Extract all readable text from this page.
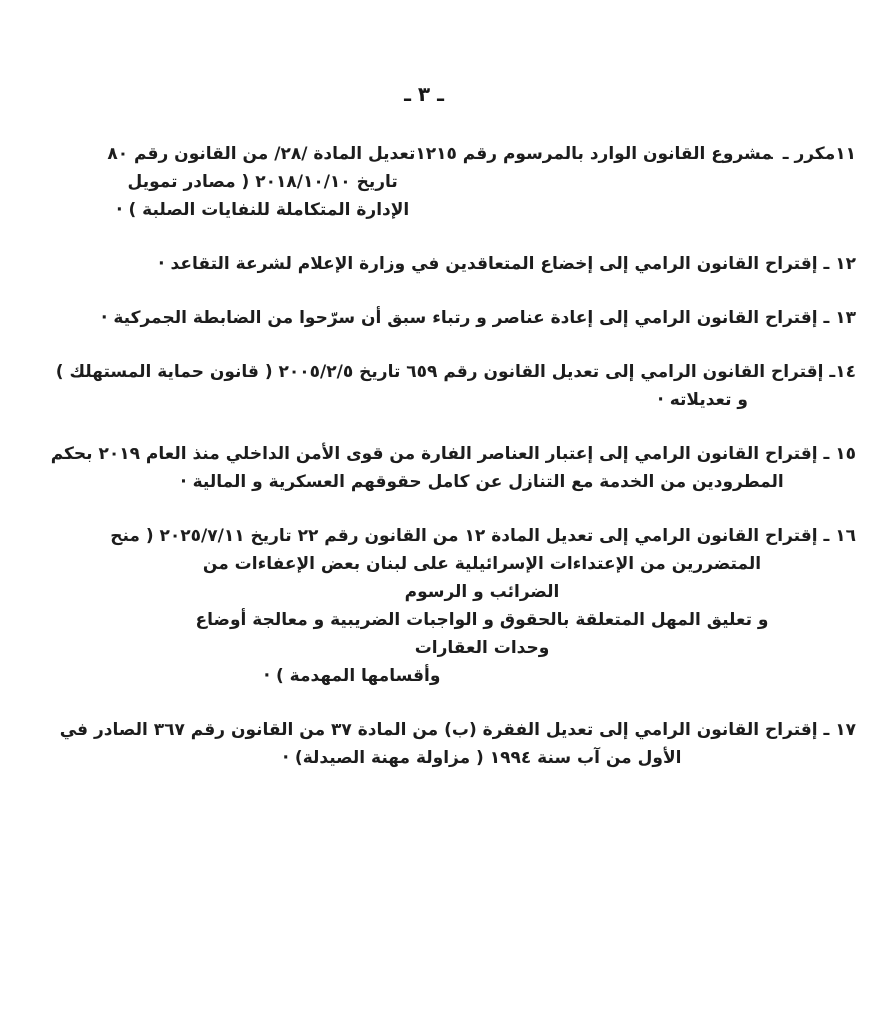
ـ ٣ ـ
١١مكرر ـمشروع القانون الوارد بالمرسوم رقم ١٢١٥
تعديل المادة /٢٨/ من القانون رقم ٨٠
تاريخ ٢٠١٨/١٠/١٠ ( مصادر تمويل
الإدارة المتكاملة للنفايات الصلبة ) ·
١٢ ـ إقتراح القانون الرامي إلى إخضاع المتعاقدين في وزارة الإعلام لشرعة التقاعد ·
١٣ ـ إقتراح القانون الرامي إلى إعادة عناصر و رتباء سبق أن سرّحوا من الضابطة الجمركية ·
١٤ـ إقتراح القانون الرامي إلى تعديل القانون رقم ٦٥٩ تاريخ ٢٠٠٥/٢/٥ ( قانون حماية المستهلك )
و تعديلاته ·
١٥ ـ إقتراح القانون الرامي إلى إعتبار العناصر الفارة من قوى الأمن الداخلي منذ العام ٢٠١٩ بحكم
المطرودين من الخدمة مع التنازل عن كامل حقوقهم العسكرية و المالية ·
١٦ ـ إقتراح القانون الرامي إلى تعديل المادة ١٢ من القانون رقم ٢٢ تاريخ ٢٠٢٥/٧/١١ ( منح
المتضررين من الإعتداءات الإسرائيلية على لبنان بعض الإعفاءات من الضرائب و الرسوم
و تعليق المهل المتعلقة بالحقوق و الواجبات الضريبية و معالجة أوضاع وحدات العقارات
وأقسامها المهدمة ) ·
١٧ ـ إقتراح القانون الرامي إلى تعديل الفقرة (ب) من المادة ٣٧ من القانون رقم ٣٦٧ الصادر في
الأول من آب سنة ١٩٩٤ ( مزاولة مهنة الصيدلة) ·
